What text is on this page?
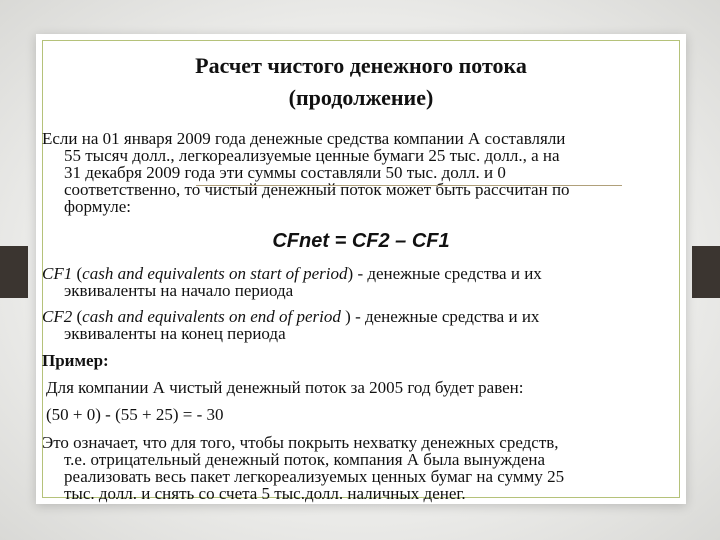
Расчет чистого денежного потока
(продолжение)
Если на 01 января 2009 года денежные средства компании А составляли
55 тысяч долл., легкореализуемые ценные бумаги 25 тыс. долл., а на
31 декабря 2009 года эти суммы составляли 50 тыс. долл. и 0
соответственно, то чистый денежный поток может быть рассчитан по
формуле:
CFnet = CF2 – CF1
CF1 (cash and equivalents on start of period) - денежные средства и их
эквиваленты на начало периода
CF2 (cash and equivalents on end of period ) - денежные средства и их
эквиваленты на конец периода
Пример:
Для компании А чистый денежный поток за 2005 год будет равен:
(50 + 0) - (55 + 25) = - 30
Это означает, что для того, чтобы покрыть нехватку денежных средств,
т.е. отрицательный денежный поток, компания А была вынуждена
реализовать весь пакет легкореализуемых ценных бумаг на сумму 25
тыс. долл. и снять со счета 5 тыс.долл. наличных денег.
